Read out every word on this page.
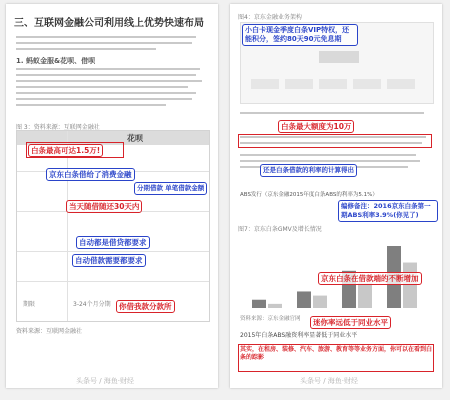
三、互联网金融公司利用线上优势快速布局
1. 蚂蚁金服&花呗、借呗
图 3：资料来源：互联网金融社
花呗
期限	3-24个月分期
白条最高可达1.5万!
京东白条借给了消费金融
当天随借随还30天内
分期借款 单笔借款金额
自动都是借贷都要求
自动借款需要都要求
你借我款分款所
资料来源：互联网金融社
头条号 / 海鱼·财经
图4：京东金融业务架构
小白卡现金季度白条VIP特权，还能积分，签约80天90元免息期
白条最大额度为10万
还是白条借款的利率的计算得出
ABS发行（京东金融2015年度白条ABS的利率为5.1%）
编修备注：2016京东白条第一期ABS利率3.9%(你见了)
图7：京东白条GMV及增长情况
京东白条在借款端的不断增加
资料来源：京东金融官网
2015年白条ABS融资利率显著低于同业水平
迷你率远低于同业水平
其实，在租房、装修、汽车、旅游、教育等等业务方面，你可以在看到白条的踪影
头条号 / 海鱼·财经
